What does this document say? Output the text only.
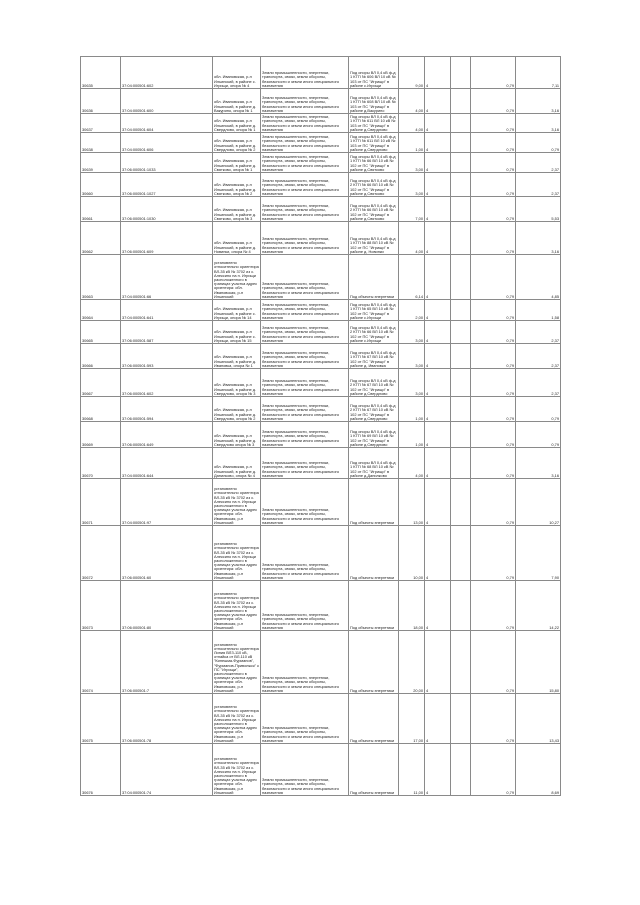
30635	37:04:000501:602	обл. Ивановская, р-н Ильинский, в районе с. Игрищи, опора № 4	Земли промышленности, энергетики, транспорта, связи, земли обороны, безопасности и земли иного специального назначения	Под опоры ВЛ 0,4 кВ ф-д 1 КТП № 606 ВЛ 10 кВ № 103 от ПС "Игрищи" в районе с.Игрищи	9,00	4		0,79	7,11

30636	37:04:000501:600	обл. Ивановская, р-н Ильинский, в районе д. Вакурино, опора № 1	Земли промышленности, энергетики, транспорта, связи, земли обороны, безопасности и земли иного специального назначения	Под опоры ВЛ 0,4 кВ ф-д 1 КТП № 608 ВЛ 10 кВ № 103 от ПС "Игрищи" в районе д.Вакурино	4,00	4		0,79	3,16

30637	37:04:000501:604	обл. Ивановская, р-н Ильинский, в районе д. Свердлово, опора № 1	Земли промышленности, энергетики, транспорта, связи, земли обороны, безопасности и земли иного специального назначения	Под опоры ВЛ 0,4 кВ ф-д 1 КТП № 611 ВЛ 10 кВ № 103 от ПС "Игрищи" в районе д.Свердлово	4,00	4		0,79	3,16

30638	37:04:000501:606	обл. Ивановская, р-н Ильинский, в районе д. Свердлово, опора № 2	Земли промышленности, энергетики, транспорта, связи, земли обороны, безопасности и земли иного специального назначения	Под опоры ВЛ 0,4 кВ ф-д 1 КТП № 611 ВЛ 10 кВ № 103 от ПС "Игрищи" в районе д.Свердлово	1,00	4		0,79	0,79

30639	37:06:000501:1033	обл. Ивановская, р-н Ильинский, в районе д. Святково, опора № 1	Земли промышленности, энергетики, транспорта, связи, земли обороны, безопасности и земли иного специального назначения	Под опоры ВЛ 0,4 кВ ф-д 1 КТП № 66 ВЛ 10 кВ № 102 от ПС "Игрищи" в районе д.Святково	3,00	4		0,79	2,37

30660	37:06:000501:1027	обл. Ивановская, р-н Ильинский, в районе д. Святково, опора № 2	Земли промышленности, энергетики, транспорта, связи, земли обороны, безопасности и земли иного специального назначения	Под опоры ВЛ 0,4 кВ ф-д 2 КТП № 66 ВЛ 10 кВ № 102 от ПС "Игрищи" в районе д.Святково	3,00	4		0,79	2,37

30661	37:06:000501:1030	обл. Ивановская, р-н Ильинский, в районе д. Святково, опора № 3	Земли промышленности, энергетики, транспорта, связи, земли обороны, безопасности и земли иного специального назначения	Под опоры ВЛ 0,4 кВ ф-д 2 КТП № 66 ВЛ 10 кВ № 102 от ПС "Игрищи" в районе д.Святково	7,00	4		0,79	5,53

30662	37:06:000501:609	обл. Ивановская, р-н Ильинский, в районе д. Новинки, опора № 4	Земли промышленности, энергетики, транспорта, связи, земли обороны, безопасности и земли иного специального назначения	Под опоры ВЛ 0,4 кВ ф-д 1 КТП № 88 ВЛ 10 кВ № 102 от ПС "Игрищи" в районе д. Новинки	4,00	4		0,79	3,16

30663	37:04:000501:66	установлено относительно ориентира ВЛ-35 кВ № 3702 из с. Алексино на п. Игрищи расположенного в границах участка адрес ориентира: обл. Ивановская, р-н Ильинский	Земли промышленности, энергетики, транспорта, связи, земли обороны, безопасности и земли иного специального назначения	Под объекты энергетики	6,14	4		0,79	4,85

30664	37:04:000501:641	обл. Ивановская, р-н Ильинский, в районе с. Игрищи, опора № 14	Земли промышленности, энергетики, транспорта, связи, земли обороны, безопасности и земли иного специального назначения	Под опоры ВЛ 0,4 кВ ф-д 1 КТП № 65 ВЛ 10 кВ № 102 от ПС "Игрищи" в районе с.Игрищи	2,00	4		0,79	1,58

30665	37:06:000501:587	обл. Ивановская, р-н Ильинский, в районе с. Игрищи, опора № 15	Земли промышленности, энергетики, транспорта, связи, земли обороны, безопасности и земли иного специального назначения	Под опоры ВЛ 0,4 кВ ф-д 2 КТП № 66 ВЛ 10 кВ № 102 от ПС "Игрищи" в районе с.Игрищи	3,00	4		0,79	2,37

30666	37:06:000501:593	обл. Ивановская, р-н Ильинский, в районе д. Ивановка, опора № 1	Земли промышленности, энергетики, транспорта, связи, земли обороны, безопасности и земли иного специального назначения	Под опоры ВЛ 0,4 кВ ф-д 1 КТП № 67 ВЛ 10 кВ № 102 от ПС "Игрищи" в районе д. Ивановка	3,00	4		0,79	2,37

30667	37:06:000501:602	обл. Ивановская, р-н Ильинский, в районе д. Свердлово, опора № 3	Земли промышленности, энергетики, транспорта, связи, земли обороны, безопасности и земли иного специального назначения	Под опоры ВЛ 0,4 кВ ф-д 2 КТП № 67 ВЛ 10 кВ № 102 от ПС "Игрищи" в районе д.Свердлово	3,00	4		0,79	2,37

30668	37:06:000501:594	обл. Ивановская, р-н Ильинский, в районе д. Свердлово, опора № 2	Земли промышленности, энергетики, транспорта, связи, земли обороны, безопасности и земли иного специального назначения	Под опоры ВЛ 0,4 кВ ф-д 2 КТП № 67 ВЛ 10 кВ № 102 от ПС "Игрищи" в районе д.Свердлово	1,00	4		0,79	0,79

30669	37:06:000501:649	обл. Ивановская, р-н Ильинский, в районе д. Свердлово опора № 3	Земли промышленности, энергетики, транспорта, связи, земли обороны, безопасности и земли иного специального назначения	Под опоры ВЛ 0,4 кВ ф-д 1 КТП № 69 ВЛ 10 кВ № 102 от ПС "Игрищи" в районе д.Свердлово	1,00	4		0,79	0,79

30670	37:04:000501:644	обл. Ивановская, р-н Ильинский, в районе д. Данилково, опора № 4	Земли промышленности, энергетики, транспорта, связи, земли обороны, безопасности и земли иного специального назначения	Под опоры ВЛ 0,4 кВ ф-д 1 КТП № 68 ВЛ 10 кВ № 102 от ПС "Игрищи" в районе д.Данилково	4,00	4		0,79	3,16

30671	37:04:000501:97	установлено относительно ориентира ВЛ-35 кВ № 3702 из с. Алексино на п. Игрищи расположенного в границах участка адрес ориентира: обл. Ивановская, р-н Ильинский	Земли промышленности, энергетики, транспорта, связи, земли обороны, безопасности и земли иного специального назначения	Под объекты энергетики	13,00	4		0,79	10,27

30672	37:06:000501:60	установлено относительно ориентира ВЛ-35 кВ № 3702 из с. Алексино на п. Игрищи расположенного в границах участка адрес ориентира: обл. Ивановская, р-н Ильинский	Земли промышленности, энергетики, транспорта, связи, земли обороны, безопасности и земли иного специального назначения	Под объекты энергетики	10,00	4		0,79	7,90

30673	37:06:000501:80	установлено относительно ориентира ВЛ-35 кВ № 3702 из с. Алексино на п. Игрищи расположенного в границах участка адрес ориентира: обл. Ивановская, р-н Ильинский	Земли промышленности, энергетики, транспорта, связи, земли обороны, безопасности и земли иного специального назначения	Под объекты энергетики	18,00	4		0,79	14,22

30674	37:06:000501:7	установлено относительно ориентира Линия ВЛЗ-110 кВ, отпайка от ВЛ-110 кВ "Кинешма-Фурманов", "Фурманов-Приволжск" к ПС "Игрищи", расположенного в границах участка адрес ориентира: обл. Ивановская, р-н Ильинский	Земли промышленности, энергетики, транспорта, связи, земли обороны, безопасности и земли иного специального назначения	Под объекты энергетики	20,00	4		0,79	15,80

30675	37:06:000501:78	установлено относительно ориентира ВЛ-35 кВ № 3702 из с. Алексино на п. Игрищи расположенного в границах участка адрес ориентира: обл. Ивановская, р-н Ильинский	Земли промышленности, энергетики, транспорта, связи, земли обороны, безопасности и земли иного специального назначения	Под объекты энергетики	17,00	4		0,79	13,43

30676	37:04:000501:74	установлено относительно ориентира ВЛ-35 кВ № 3702 из с. Алексино на п. Игрищи расположенного в границах участка адрес ориентира: обл. Ивановская, р-н Ильинский	Земли промышленности, энергетики, транспорта, связи, земли обороны, безопасности и земли иного специального назначения	Под объекты энергетики	11,00	4		0,79	8,69
